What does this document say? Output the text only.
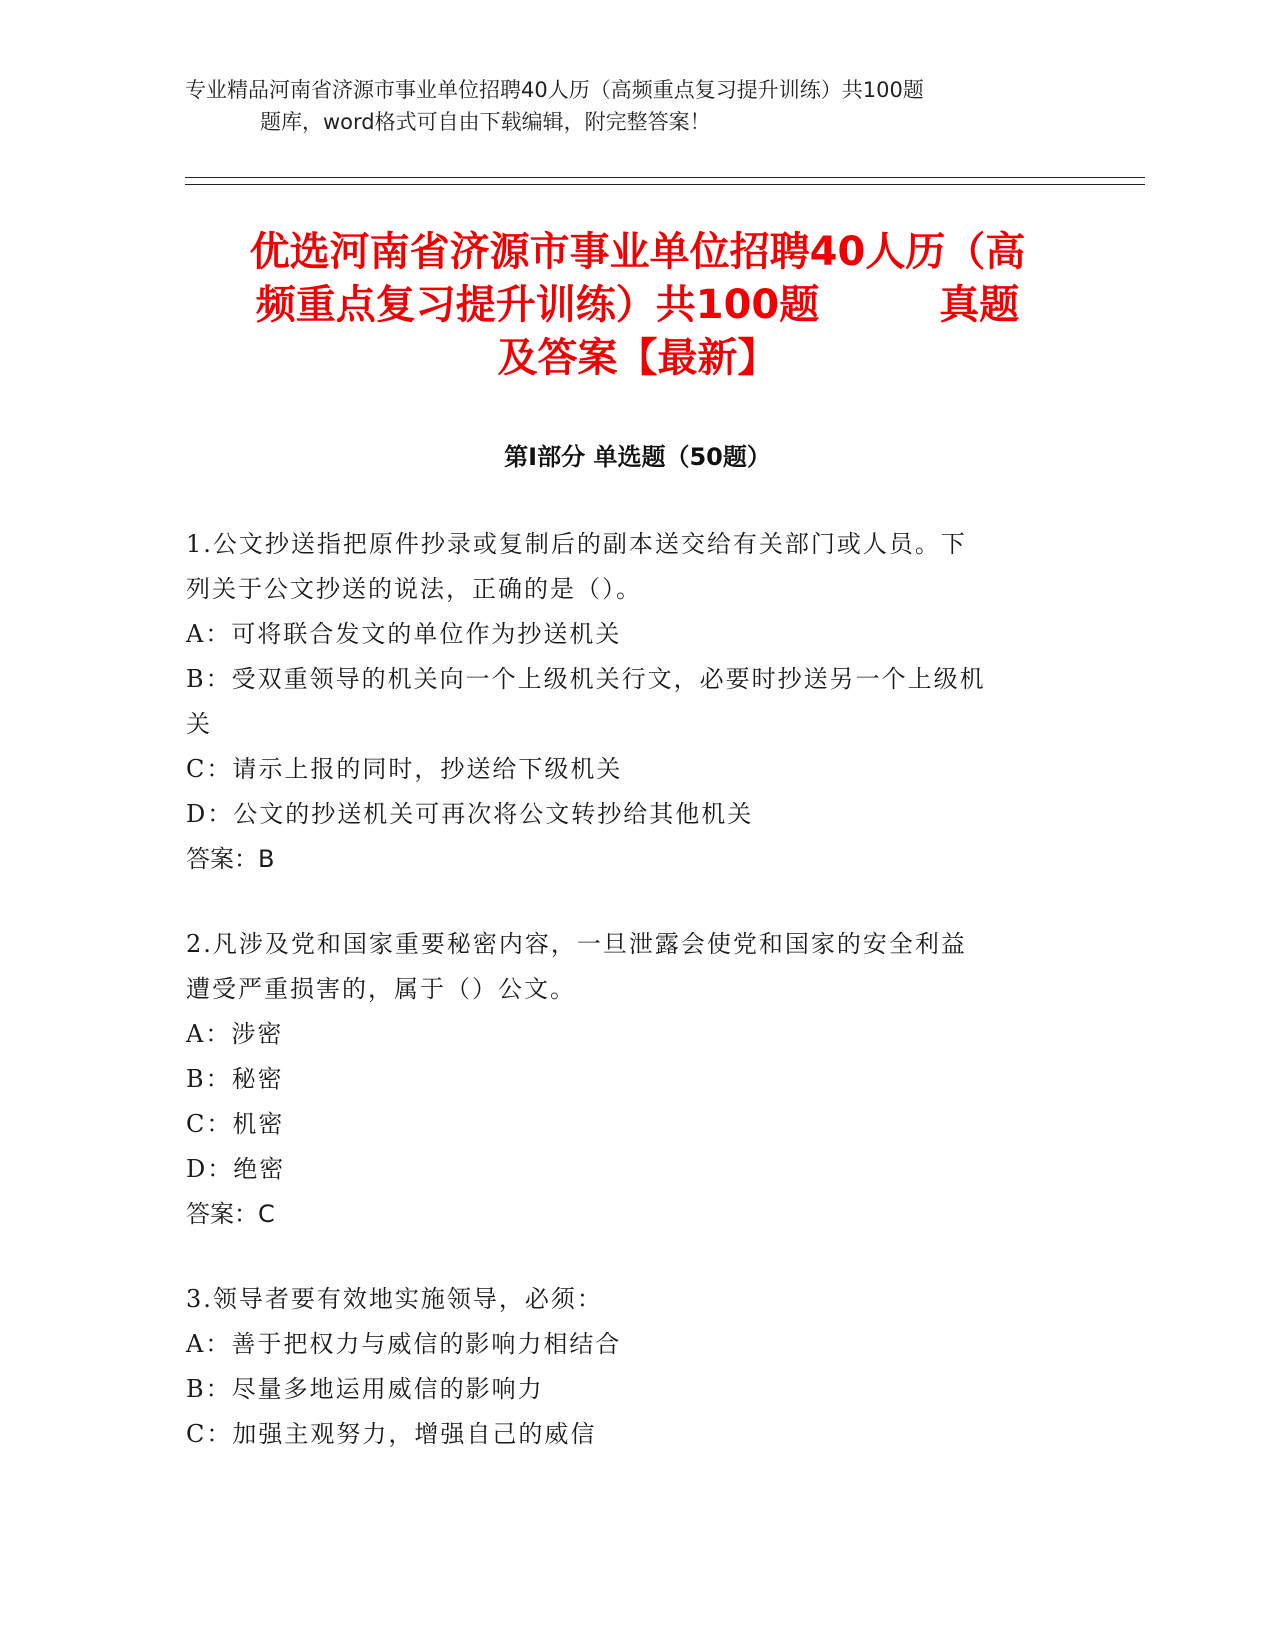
专业精品河南省济源市事业单位招聘40人历（高频重点复习提升训练）共100题
题库，word格式可自由下载编辑，附完整答案！
优选河南省济源市事业单位招聘40人历（高
频重点复习提升训练）共100题　　　真题
及答案【最新】
第Ⅰ部分 单选题（50题）
1.公文抄送指把原件抄录或复制后的副本送交给有关部门或人员。下
列关于公文抄送的说法，正确的是（）。
A：可将联合发文的单位作为抄送机关
B：受双重领导的机关向一个上级机关行文，必要时抄送另一个上级机
关
C：请示上报的同时，抄送给下级机关
D：公文的抄送机关可再次将公文转抄给其他机关
答案：B
2.凡涉及党和国家重要秘密内容，一旦泄露会使党和国家的安全利益
遭受严重损害的，属于（）公文。
A：涉密
B：秘密
C：机密
D：绝密
答案：C
3.领导者要有效地实施领导，必须：
A：善于把权力与威信的影响力相结合
B：尽量多地运用威信的影响力
C：加强主观努力，增强自己的威信
